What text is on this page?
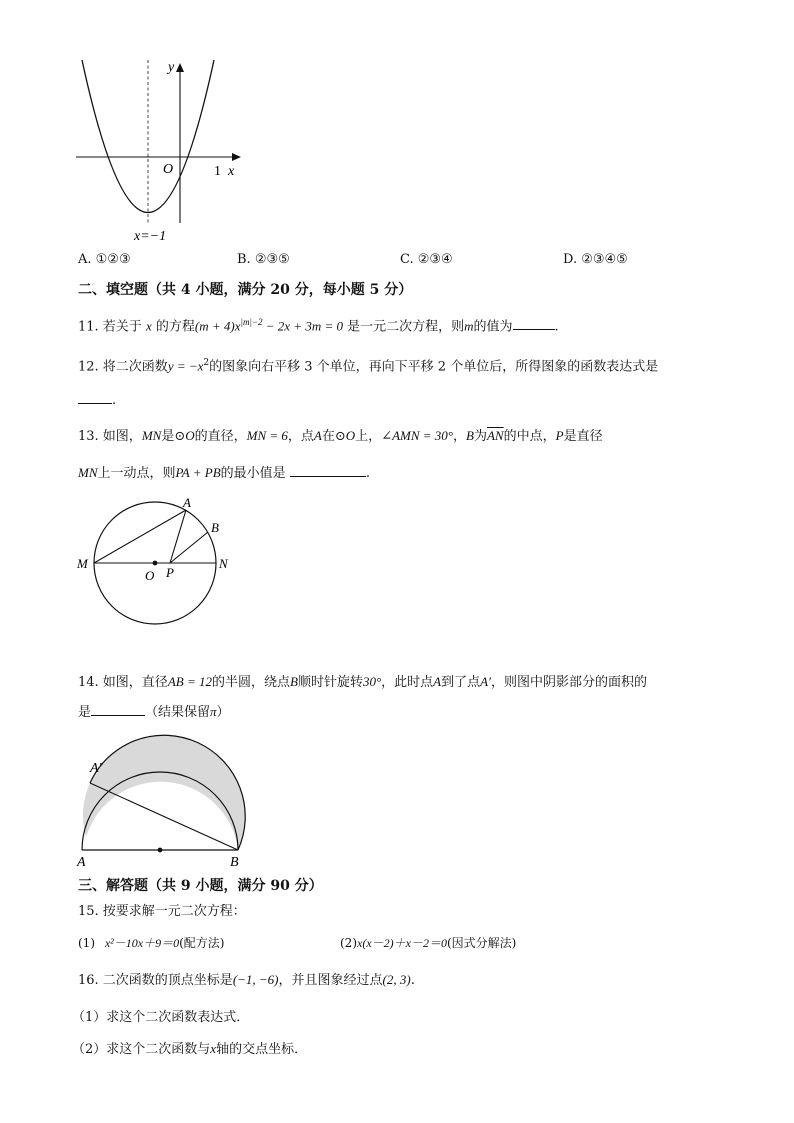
y
O	1 x
x=−1
A. ①②③	B. ②③⑤	C. ②③④	D. ②③④⑤
二、填空题（共 4 小题，满分 20 分，每小题 5 分）
11. 若关于 x 的方程$(m + 4)x^{|m|-2} - 2x + 3m = 0$ 是一元二次方程，则m的值为	.
12. 将二次函数$y = -x^2$的图象向右平移 3 个单位，再向下平移 2 个单位后，所得图象的函数表达式是
.
13. 如图，MN是⊙O的直径，MN = 6，点A在⊙O上，∠AMN = 30°，B为$\overline{AN}$的中点，P是直径
MN上一动点，则PA + PB的最小值是	.
A
B
M	N
O P
14. 如图，直径AB = 12的半圆，绕点B顺时针旋转30°，此时点A到了点A′，则图中阴影部分的面积的
是	（结果保留π）
A′
A	B
三、解答题（共 9 小题，满分 90 分）
15. 按要求解一元二次方程：
(1) x²－10x＋9＝0(配方法)	(2)x(x－2)＋x－2＝0(因式分解法)
16. 二次函数的顶点坐标是(−1, −6)，并且图象经过点(2, 3).
（1）求这个二次函数表达式．
（2）求这个二次函数与x轴的交点坐标．
